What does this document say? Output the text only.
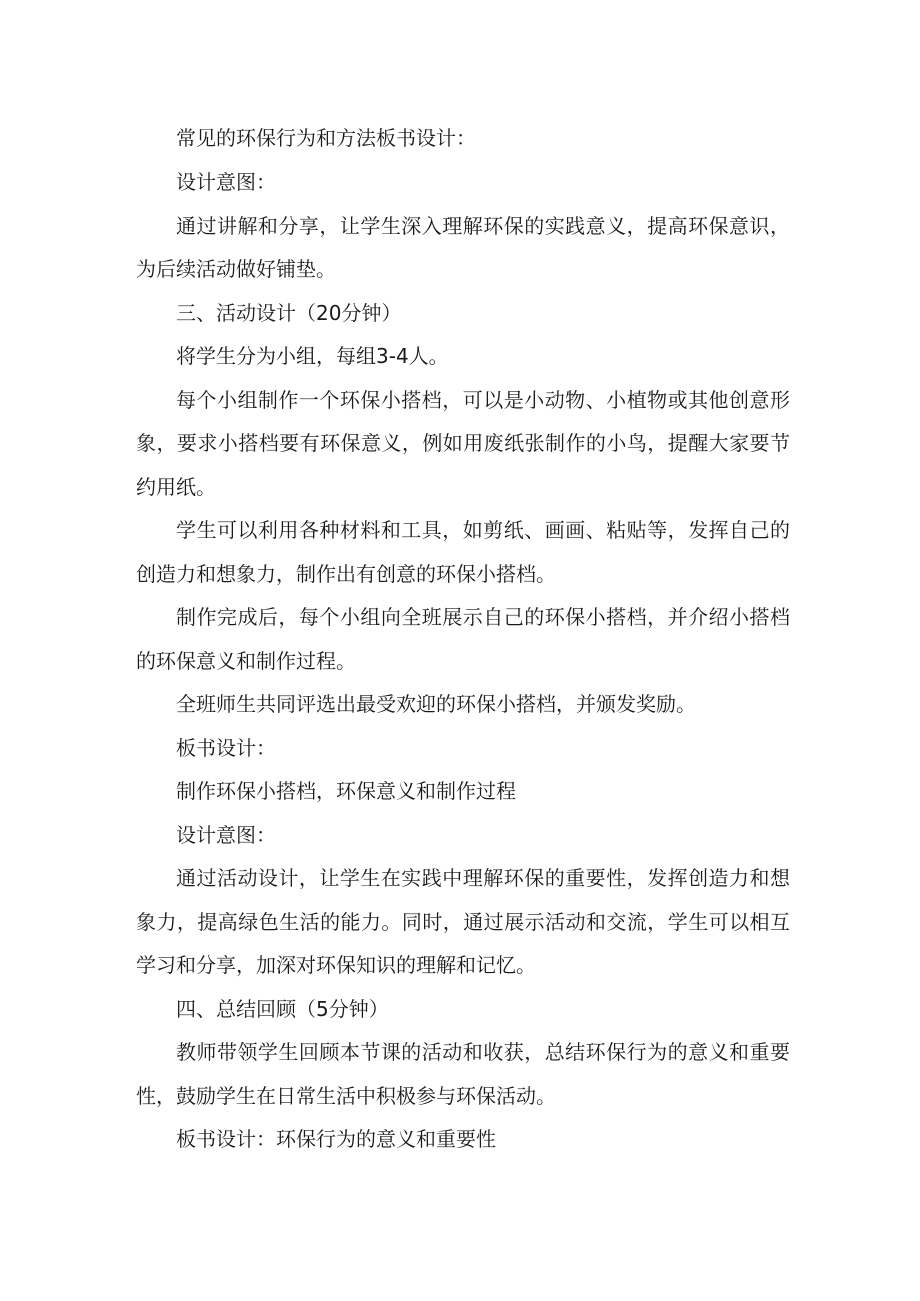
常见的环保行为和方法板书设计：

设计意图：

通过讲解和分享，让学生深入理解环保的实践意义，提高环保意识，为后续活动做好铺垫。

三、活动设计（20分钟）

将学生分为小组，每组3-4人。

每个小组制作一个环保小搭档，可以是小动物、小植物或其他创意形象，要求小搭档要有环保意义，例如用废纸张制作的小鸟，提醒大家要节约用纸。

学生可以利用各种材料和工具，如剪纸、画画、粘贴等，发挥自己的创造力和想象力，制作出有创意的环保小搭档。

制作完成后，每个小组向全班展示自己的环保小搭档，并介绍小搭档的环保意义和制作过程。

全班师生共同评选出最受欢迎的环保小搭档，并颁发奖励。

板书设计：

制作环保小搭档，环保意义和制作过程

设计意图：

通过活动设计，让学生在实践中理解环保的重要性，发挥创造力和想象力，提高绿色生活的能力。同时，通过展示活动和交流，学生可以相互学习和分享，加深对环保知识的理解和记忆。

四、总结回顾（5分钟）

教师带领学生回顾本节课的活动和收获，总结环保行为的意义和重要性，鼓励学生在日常生活中积极参与环保活动。

板书设计：环保行为的意义和重要性
